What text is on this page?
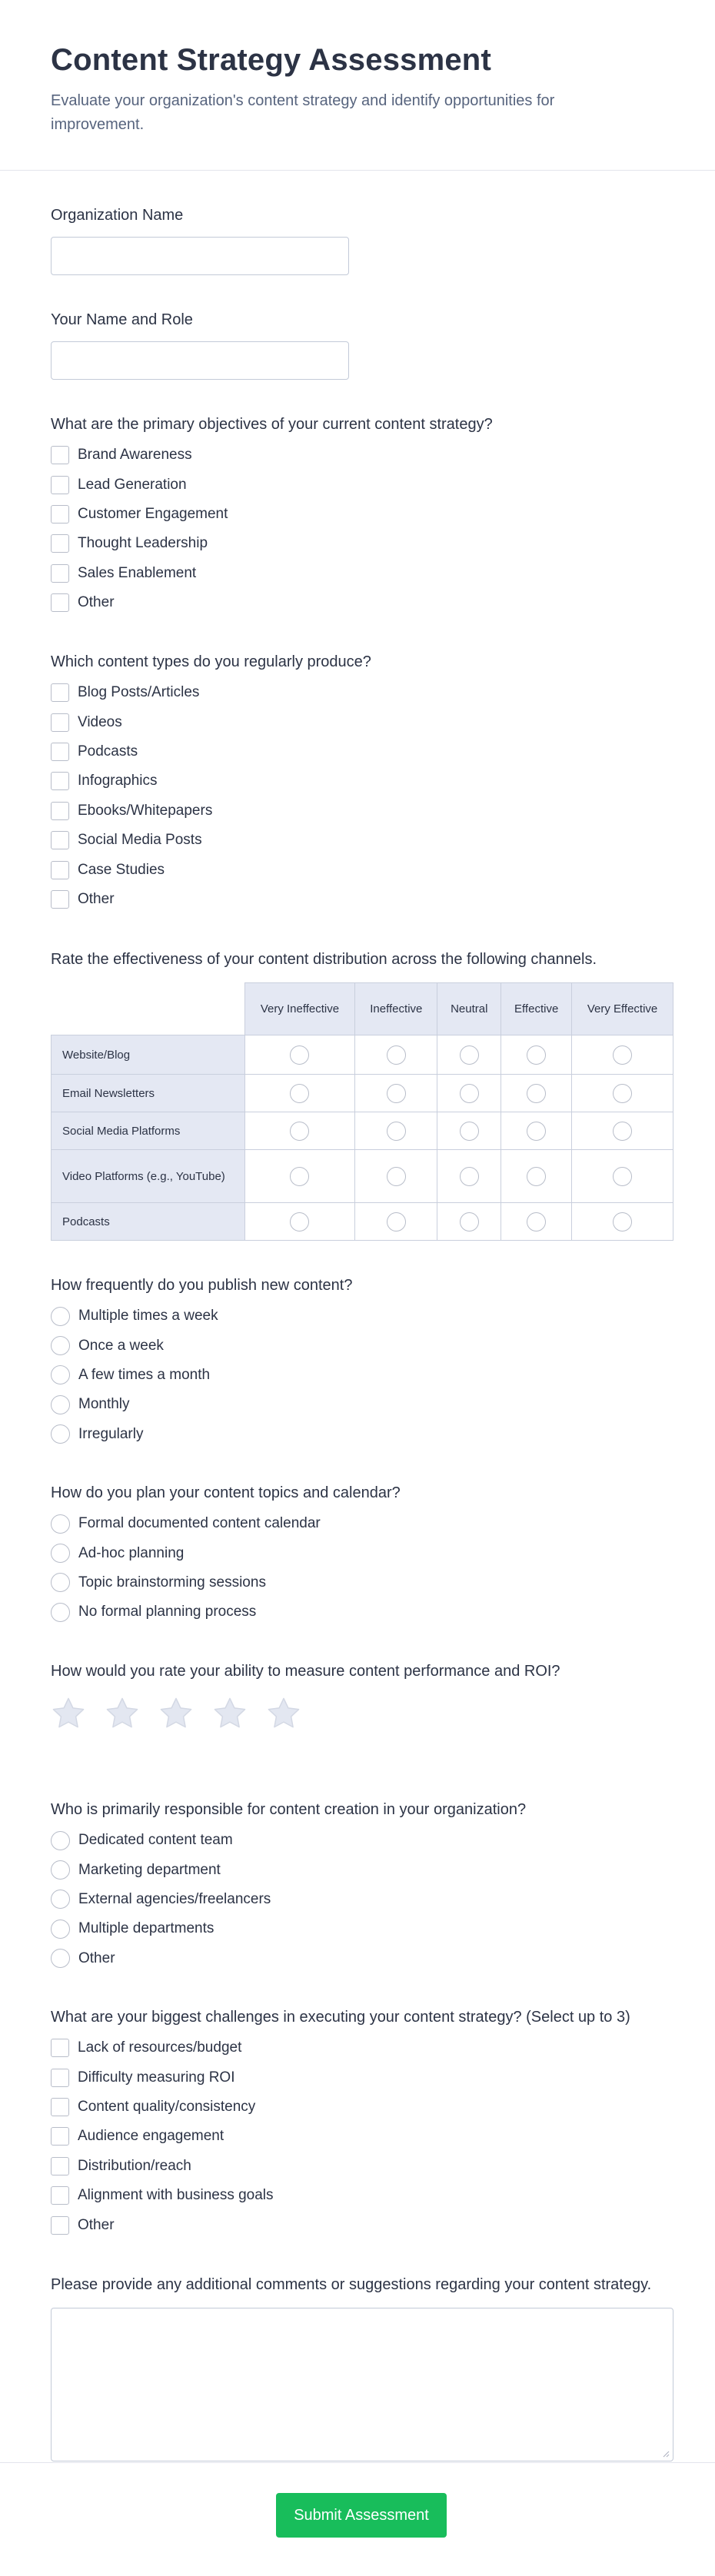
Content Strategy Assessment

Evaluate your organization's content strategy and identify opportunities for improvement.

Organization Name
Your Name and Role
What are the primary objectives of your current content strategy?
Brand Awareness
Lead Generation
Customer Engagement
Thought Leadership
Sales Enablement
Other
Which content types do you regularly produce?
Blog Posts/Articles
Videos
Podcasts
Infographics
Ebooks/Whitepapers
Social Media Posts
Case Studies
Other
Rate the effectiveness of your content distribution across the following channels.
	Very Ineffective	Ineffective	Neutral	Effective	Very Effective
Website/Blog					
Email Newsletters					
Social Media Platforms					
Video Platforms (e.g., YouTube)					
Podcasts					
How frequently do you publish new content?
Multiple times a week
Once a week
A few times a month
Monthly
Irregularly
How do you plan your content topics and calendar?
Formal documented content calendar
Ad-hoc planning
Topic brainstorming sessions
No formal planning process
How would you rate your ability to measure content performance and ROI?
Who is primarily responsible for content creation in your organization?
Dedicated content team
Marketing department
External agencies/freelancers
Multiple departments
Other
What are your biggest challenges in executing your content strategy? (Select up to 3)
Lack of resources/budget
Difficulty measuring ROI
Content quality/consistency
Audience engagement
Distribution/reach
Alignment with business goals
Other
Please provide any additional comments or suggestions regarding your content strategy.
Submit Assessment
